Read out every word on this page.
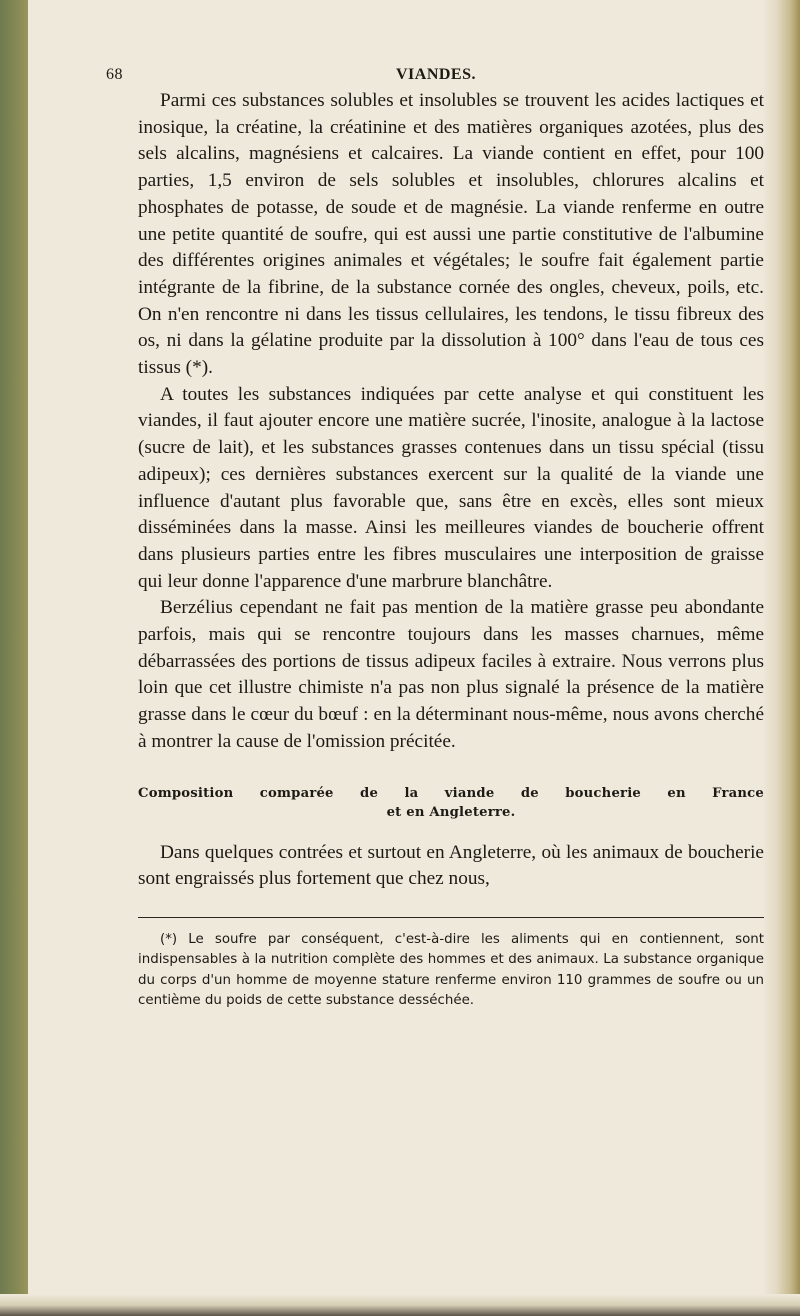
68	VIANDES.

Parmi ces substances solubles et insolubles se trouvent les acides lactiques et inosique, la créatine, la créatinine et des matières organiques azotées, plus des sels alcalins, magnésiens et calcaires. La viande contient en effet, pour 100 parties, 1,5 environ de sels solubles et insolubles, chlorures alcalins et phosphates de potasse, de soude et de magnésie. La viande renferme en outre une petite quantité de soufre, qui est aussi une partie constitutive de l'albumine des différentes origines animales et végétales; le soufre fait également partie intégrante de la fibrine, de la substance cornée des ongles, cheveux, poils, etc. On n'en rencontre ni dans les tissus cellulaires, les tendons, le tissu fibreux des os, ni dans la gélatine produite par la dissolution à 100° dans l'eau de tous ces tissus (*).

A toutes les substances indiquées par cette analyse et qui constituent les viandes, il faut ajouter encore une matière sucrée, l'inosite, analogue à la lactose (sucre de lait), et les substances grasses contenues dans un tissu spécial (tissu adipeux); ces dernières substances exercent sur la qualité de la viande une influence d'autant plus favorable que, sans être en excès, elles sont mieux disséminées dans la masse. Ainsi les meilleures viandes de boucherie offrent dans plusieurs parties entre les fibres musculaires une interposition de graisse qui leur donne l'apparence d'une marbrure blanchâtre.

Berzélius cependant ne fait pas mention de la matière grasse peu abondante parfois, mais qui se rencontre toujours dans les masses charnues, même débarrassées des portions de tissus adipeux faciles à extraire. Nous verrons plus loin que cet illustre chimiste n'a pas non plus signalé la présence de la matière grasse dans le cœur du bœuf : en la déterminant nous-même, nous avons cherché à montrer la cause de l'omission précitée.

Composition comparée de la viande de boucherie en France
et en Angleterre.

Dans quelques contrées et surtout en Angleterre, où les animaux de boucherie sont engraissés plus fortement que chez nous,

(*) Le soufre par conséquent, c'est-à-dire les aliments qui en contiennent, sont indispensables à la nutrition complète des hommes et des animaux. La substance organique du corps d'un homme de moyenne stature renferme environ 110 grammes de soufre ou un centième du poids de cette substance desséchée.
